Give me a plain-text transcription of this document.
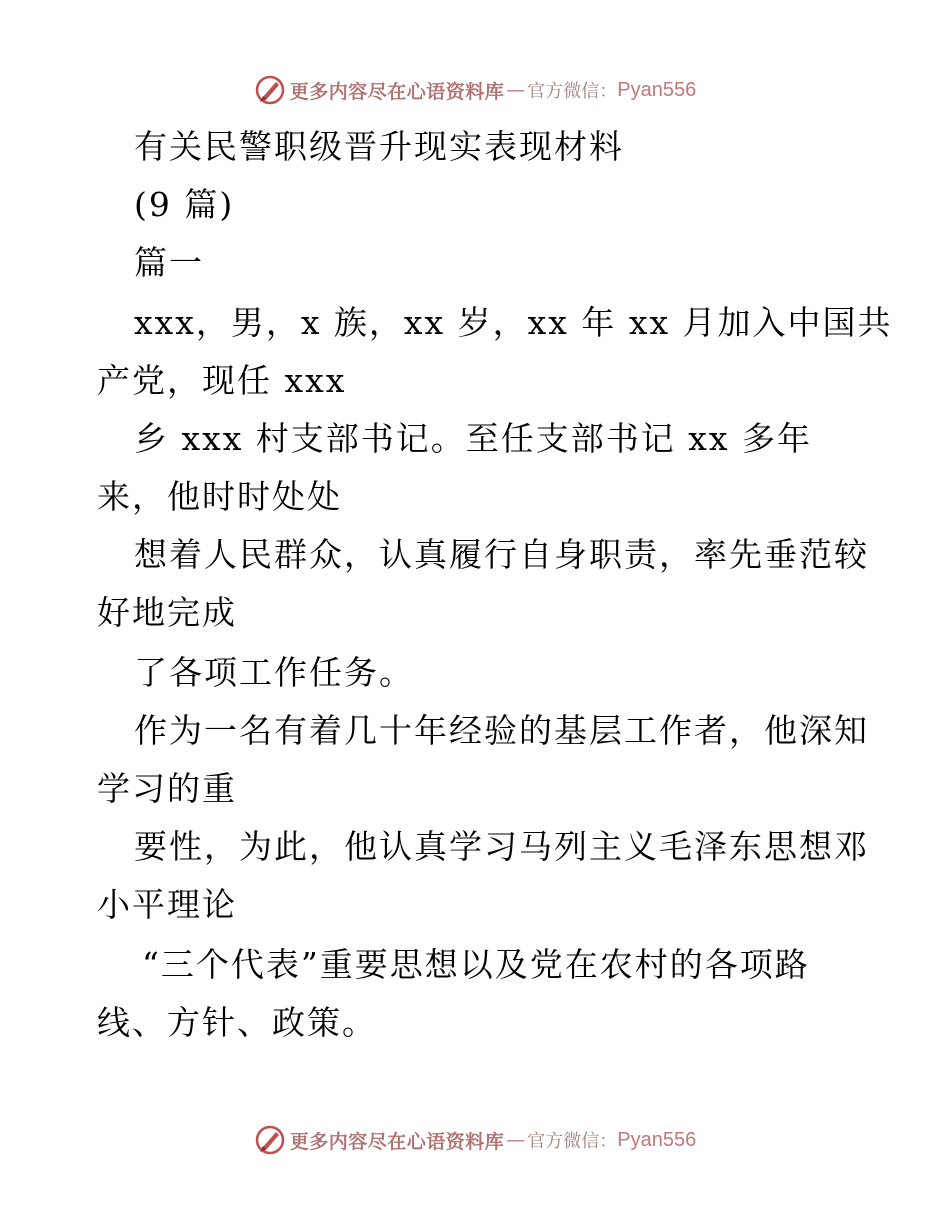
更多内容尽在心语资料库 — 官方微信： Pyan556
有关民警职级晋升现实表现材料
(9 篇)
篇一
xxx，男，x 族，xx 岁，xx 年 xx 月加入中国共
产党，现任 xxx
乡 xxx 村支部书记。至任支部书记 xx 多年
来，他时时处处
想着人民群众，认真履行自身职责，率先垂范较
好地完成
了各项工作任务。
作为一名有着几十年经验的基层工作者，他深知
学习的重
要性，为此，他认真学习马列主义毛泽东思想邓
小平理论
“三个代表”重要思想以及党在农村的各项路
线、方针、政策。
更多内容尽在心语资料库 — 官方微信： Pyan556
